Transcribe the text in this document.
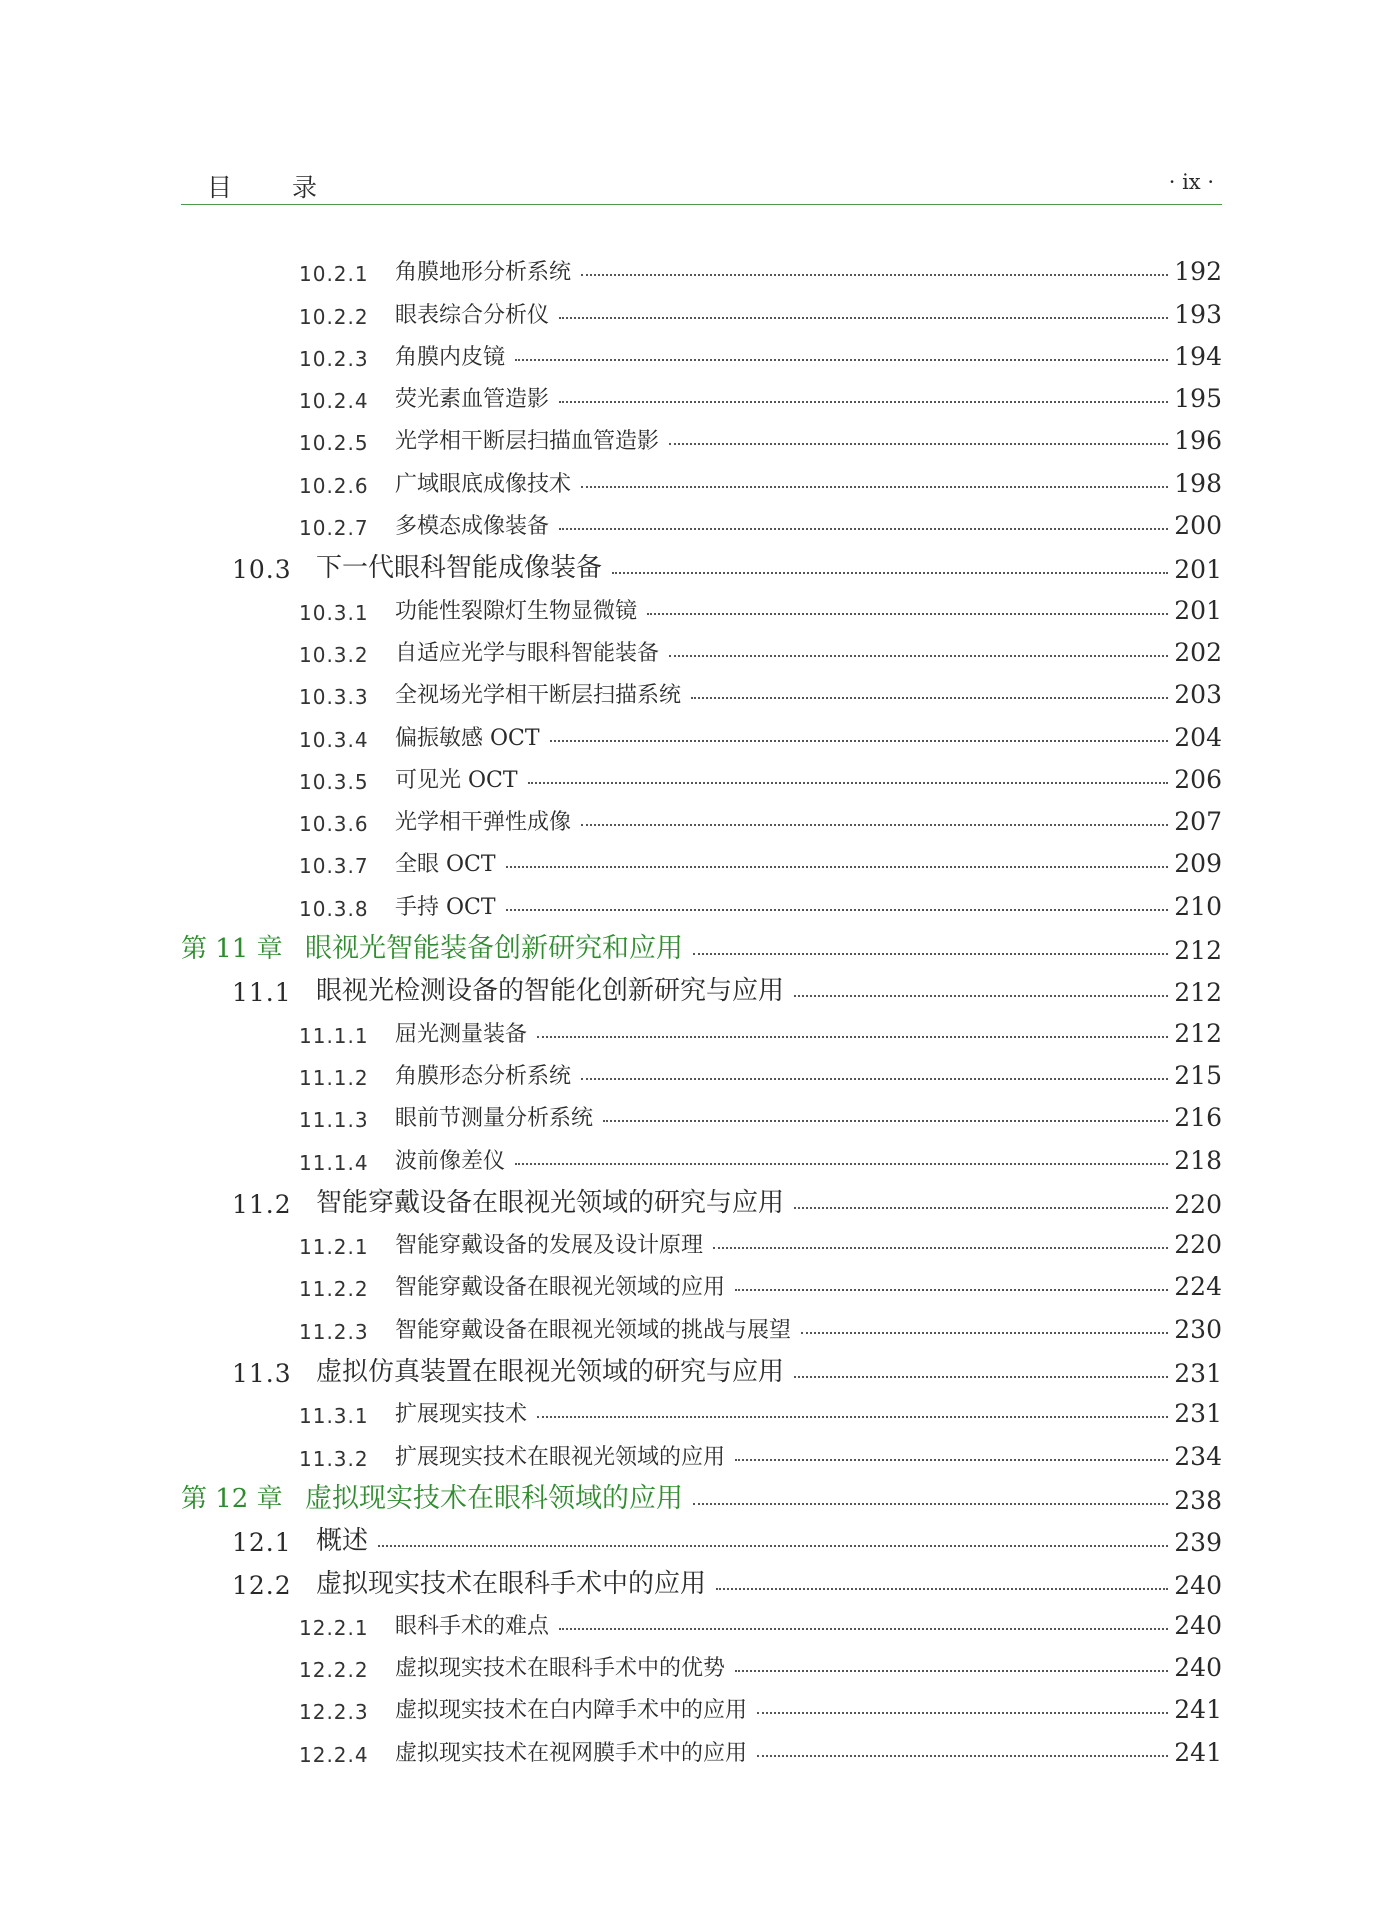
目 录	· ix ·
10.2.1	角膜地形分析系统	192
10.2.2	眼表综合分析仪	193
10.2.3	角膜内皮镜	194
10.2.4	荧光素血管造影	195
10.2.5	光学相干断层扫描血管造影	196
10.2.6	广域眼底成像技术	198
10.2.7	多模态成像装备	200
10.3 下一代眼科智能成像装备	201
10.3.1	功能性裂隙灯生物显微镜	201
10.3.2	自适应光学与眼科智能装备	202
10.3.3	全视场光学相干断层扫描系统	203
10.3.4	偏振敏感 OCT	204
10.3.5	可见光 OCT	206
10.3.6	光学相干弹性成像	207
10.3.7	全眼 OCT	209
10.3.8	手持 OCT	210
第 11 章 眼视光智能装备创新研究和应用	212
11.1 眼视光检测设备的智能化创新研究与应用	212
11.1.1	屈光测量装备	212
11.1.2	角膜形态分析系统	215
11.1.3	眼前节测量分析系统	216
11.1.4	波前像差仪	218
11.2 智能穿戴设备在眼视光领域的研究与应用	220
11.2.1	智能穿戴设备的发展及设计原理	220
11.2.2	智能穿戴设备在眼视光领域的应用	224
11.2.3	智能穿戴设备在眼视光领域的挑战与展望	230
11.3 虚拟仿真装置在眼视光领域的研究与应用	231
11.3.1	扩展现实技术	231
11.3.2	扩展现实技术在眼视光领域的应用	234
第 12 章 虚拟现实技术在眼科领域的应用	238
12.1 概述	239
12.2 虚拟现实技术在眼科手术中的应用	240
12.2.1	眼科手术的难点	240
12.2.2	虚拟现实技术在眼科手术中的优势	240
12.2.3	虚拟现实技术在白内障手术中的应用	241
12.2.4	虚拟现实技术在视网膜手术中的应用	241
